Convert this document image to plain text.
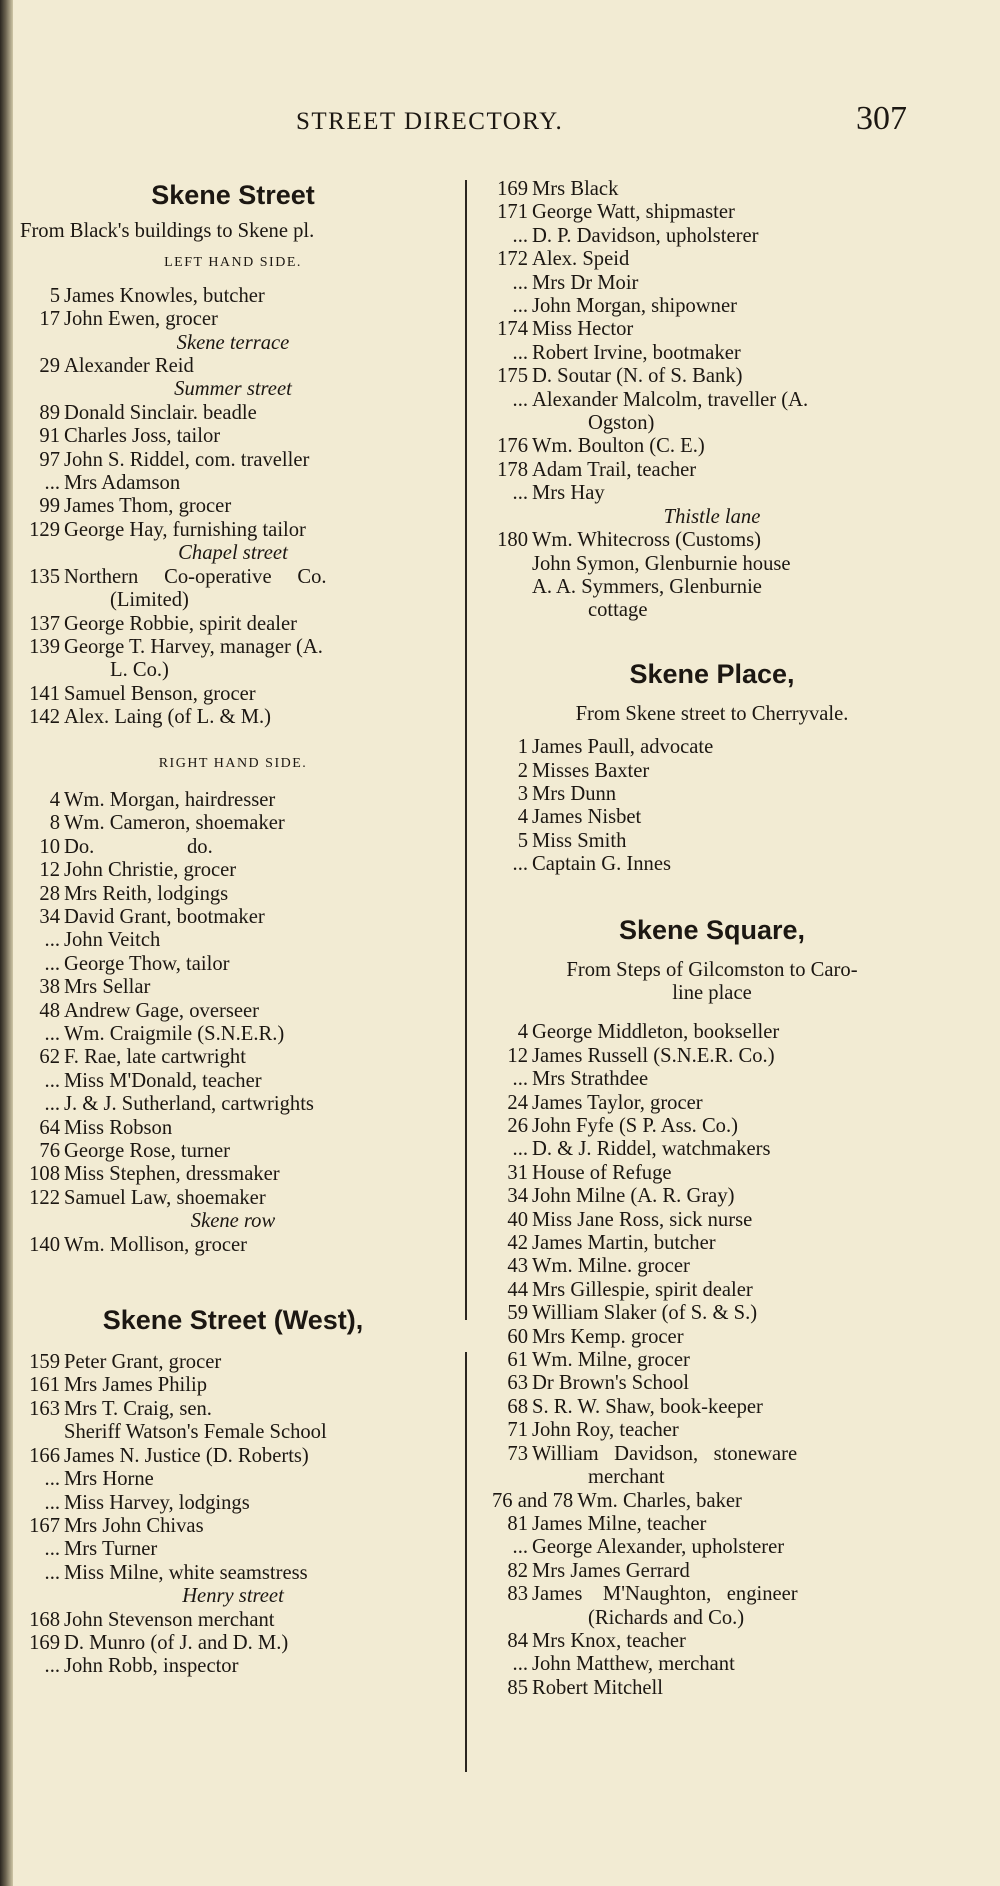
STREET DIRECTORY.	307
Skene Street
From Black's buildings to Skene pl.
LEFT HAND SIDE.
5 James Knowles, butcher
17 John Ewen, grocer
Skene terrace
29 Alexander Reid
Summer street
89 Donald Sinclair. beadle
91 Charles Joss, tailor
97 John S. Riddel, com. traveller
... Mrs Adamson
99 James Thom, grocer
129 George Hay, furnishing tailor
Chapel street
135 Northern     Co-operative     Co.
(Limited)
137 George Robbie, spirit dealer
139 George T. Harvey, manager (A.
L. Co.)
141 Samuel Benson, grocer
142 Alex. Laing (of L. & M.)
RIGHT HAND SIDE.
4 Wm. Morgan, hairdresser
8 Wm. Cameron, shoemaker
10 Do.                  do.
12 John Christie, grocer
28 Mrs Reith, lodgings
34 David Grant, bootmaker
... John Veitch
... George Thow, tailor
38 Mrs Sellar
48 Andrew Gage, overseer
... Wm. Craigmile (S.N.E.R.)
62 F. Rae, late cartwright
... Miss M'Donald, teacher
... J. & J. Sutherland, cartwrights
64 Miss Robson
76 George Rose, turner
108 Miss Stephen, dressmaker
122 Samuel Law, shoemaker
Skene row
140 Wm. Mollison, grocer
Skene Street (West),
159 Peter Grant, grocer
161 Mrs James Philip
163 Mrs T. Craig, sen.
Sheriff Watson's Female School
166 James N. Justice (D. Roberts)
... Mrs Horne
... Miss Harvey, lodgings
167 Mrs John Chivas
... Mrs Turner
... Miss Milne, white seamstress
Henry street
168 John Stevenson merchant
169 D. Munro (of J. and D. M.)
... John Robb, inspector
169 Mrs Black
171 George Watt, shipmaster
... D. P. Davidson, upholsterer
172 Alex. Speid
... Mrs Dr Moir
... John Morgan, shipowner
174 Miss Hector
... Robert Irvine, bootmaker
175 D. Soutar (N. of S. Bank)
... Alexander Malcolm, traveller (A.
Ogston)
176 Wm. Boulton (C. E.)
178 Adam Trail, teacher
... Mrs Hay
Thistle lane
180 Wm. Whitecross (Customs)
John Symon, Glenburnie house
A. A. Symmers, Glenburnie
cottage
Skene Place,
From Skene street to Cherryvale.
1 James Paull, advocate
2 Misses Baxter
3 Mrs Dunn
4 James Nisbet
5 Miss Smith
... Captain G. Innes
Skene Square,
From Steps of Gilcomston to Caro-
line place
4 George Middleton, bookseller
12 James Russell (S.N.E.R. Co.)
... Mrs Strathdee
24 James Taylor, grocer
26 John Fyfe (S P. Ass. Co.)
... D. & J. Riddel, watchmakers
31 House of Refuge
34 John Milne (A. R. Gray)
40 Miss Jane Ross, sick nurse
42 James Martin, butcher
43 Wm. Milne. grocer
44 Mrs Gillespie, spirit dealer
59 William Slaker (of S. & S.)
60 Mrs Kemp. grocer
61 Wm. Milne, grocer
63 Dr Brown's School
68 S. R. W. Shaw, book-keeper
71 John Roy, teacher
73 William   Davidson,   stoneware
merchant
76 and 78 Wm. Charles, baker
81 James Milne, teacher
... George Alexander, upholsterer
82 Mrs James Gerrard
83 James    M'Naughton,   engineer
(Richards and Co.)
84 Mrs Knox, teacher
... John Matthew, merchant
85 Robert Mitchell
